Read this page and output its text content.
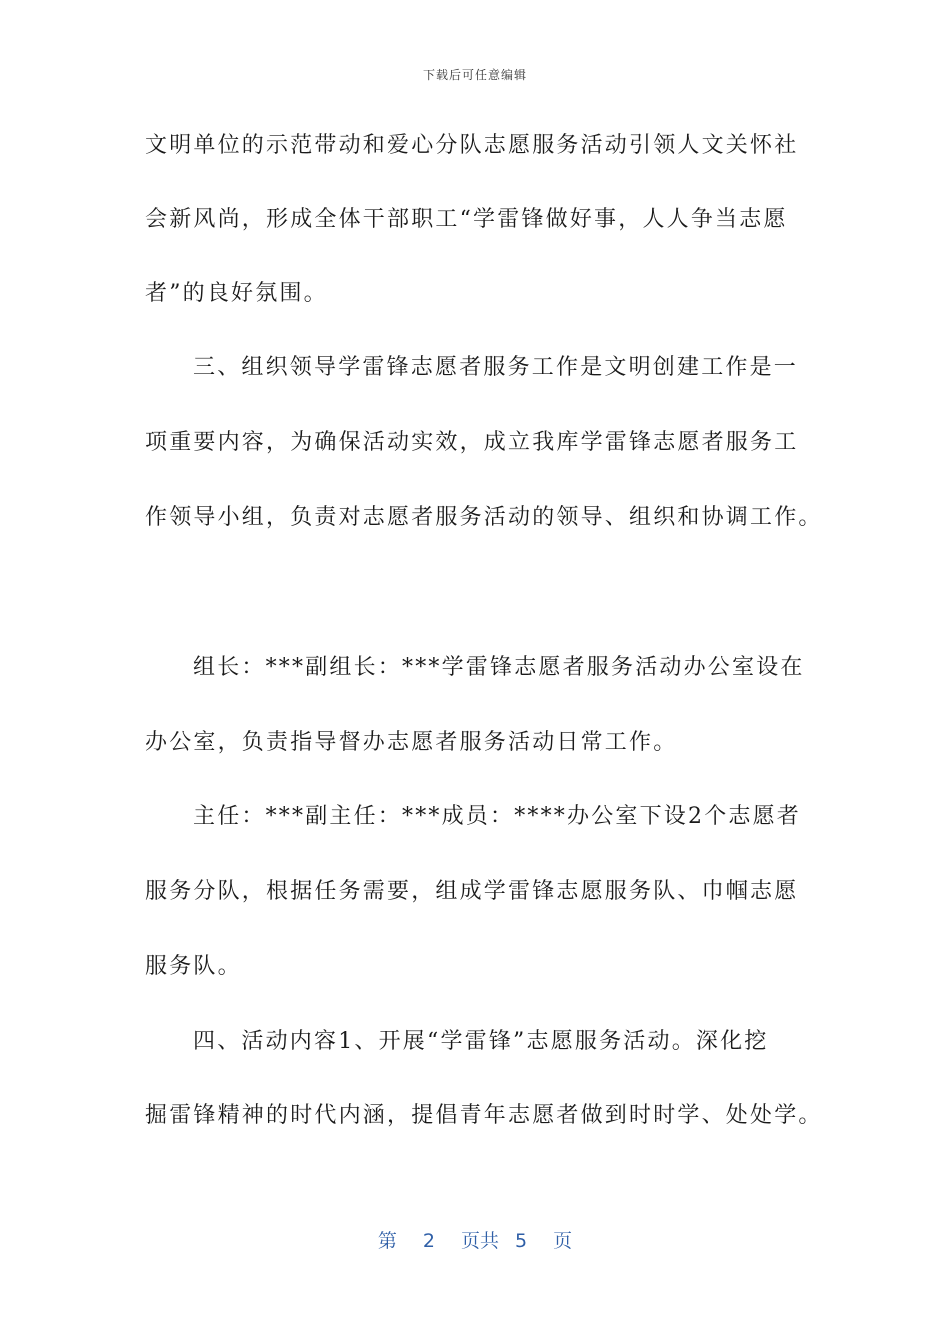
下载后可任意编辑
文明单位的示范带动和爱心分队志愿服务活动引领人文关怀社
会新风尚，形成全体干部职工“学雷锋做好事，人人争当志愿
者”的良好氛围。
三、组织领导学雷锋志愿者服务工作是文明创建工作是一
项重要内容，为确保活动实效，成立我库学雷锋志愿者服务工
作领导小组，负责对志愿者服务活动的领导、组织和协调工作。
组长：***副组长：***学雷锋志愿者服务活动办公室设在
办公室，负责指导督办志愿者服务活动日常工作。
主任：***副主任：***成员：****办公室下设2个志愿者
服务分队，根据任务需要，组成学雷锋志愿服务队、巾帼志愿
服务队。
四、活动内容1、开展“学雷锋”志愿服务活动。深化挖
掘雷锋精神的时代内涵，提倡青年志愿者做到时时学、处处学。
第 2 页共 5 页
